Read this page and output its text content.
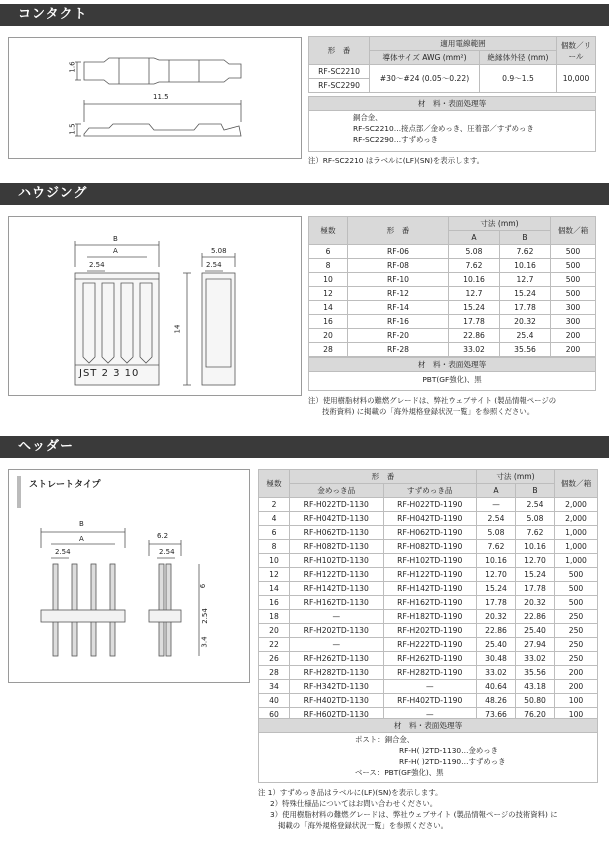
コンタクト
1.6
11.5
1.5
形　番	適用電線範囲		個数／リール
	導体サイズ AWG (mm²)	絶縁体外径 (mm)	
RF-SC2210	#30〜#24 (0.05〜0.22)	0.9〜1.5	10,000
RF-SC2290			
材　料・表面処理等
銅合金、
RF-SC2210…接点部／金めっき、圧着部／すずめっき
RF-SC2290…すずめっき
注）RF-SC2210 はラベルに(LF)(SN)を表示します。
ハウジング
B
A
2.54
5.08
2.54
14
JST 2 3 10
極数	形　番	寸法 (mm)		個数／箱
		A	B	
6	RF-06	5.08	7.62	500
8	RF-08	7.62	10.16	500
10	RF-10	10.16	12.7	500
12	RF-12	12.7	15.24	500
14	RF-14	15.24	17.78	300
16	RF-16	17.78	20.32	300
20	RF-20	22.86	25.4	200
28	RF-28	33.02	35.56	200
材　料・表面処理等
PBT(GF強化)、黒
注）使用樹脂材料の難燃グレードは、弊社ウェブサイト (製品情報ページの
技術資料) に掲載の「海外規格登録状況一覧」を参照ください。
ヘッダー
ストレートタイプ
B
A
2.54
6.2
2.54
6
2.54
3.4
極数	形　番		寸法 (mm)		個数／箱
	金めっき品	すずめっき品	A	B	
2	RF-H022TD-1130	RF-H022TD-1190	—	2.54	2,000
4	RF-H042TD-1130	RF-H042TD-1190	2.54	5.08	2,000
6	RF-H062TD-1130	RF-H062TD-1190	5.08	7.62	1,000
8	RF-H082TD-1130	RF-H082TD-1190	7.62	10.16	1,000
10	RF-H102TD-1130	RF-H102TD-1190	10.16	12.70	1,000
12	RF-H122TD-1130	RF-H122TD-1190	12.70	15.24	500
14	RF-H142TD-1130	RF-H142TD-1190	15.24	17.78	500
16	RF-H162TD-1130	RF-H162TD-1190	17.78	20.32	500
18	—	RF-H182TD-1190	20.32	22.86	250
20	RF-H202TD-1130	RF-H202TD-1190	22.86	25.40	250
22	—	RF-H222TD-1190	25.40	27.94	250
26	RF-H262TD-1130	RF-H262TD-1190	30.48	33.02	250
28	RF-H282TD-1130	RF-H282TD-1190	33.02	35.56	200
34	RF-H342TD-1130	—	40.64	43.18	200
40	RF-H402TD-1130	RF-H402TD-1190	48.26	50.80	100
60	RF-H602TD-1130	—	73.66	76.20	100
材　料・表面処理等
ポスト：銅合金、
RF-H( )2TD-1130…金めっき
RF-H( )2TD-1190…すずめっき
ベース：PBT(GF強化)、黒
注 1）すずめっき品はラベルに(LF)(SN)を表示します。
2）特殊仕様品についてはお問い合わせください。
3）使用樹脂材料の難燃グレードは、弊社ウェブサイト (製品情報ページの技術資料) に
掲載の「海外規格登録状況一覧」を参照ください。
